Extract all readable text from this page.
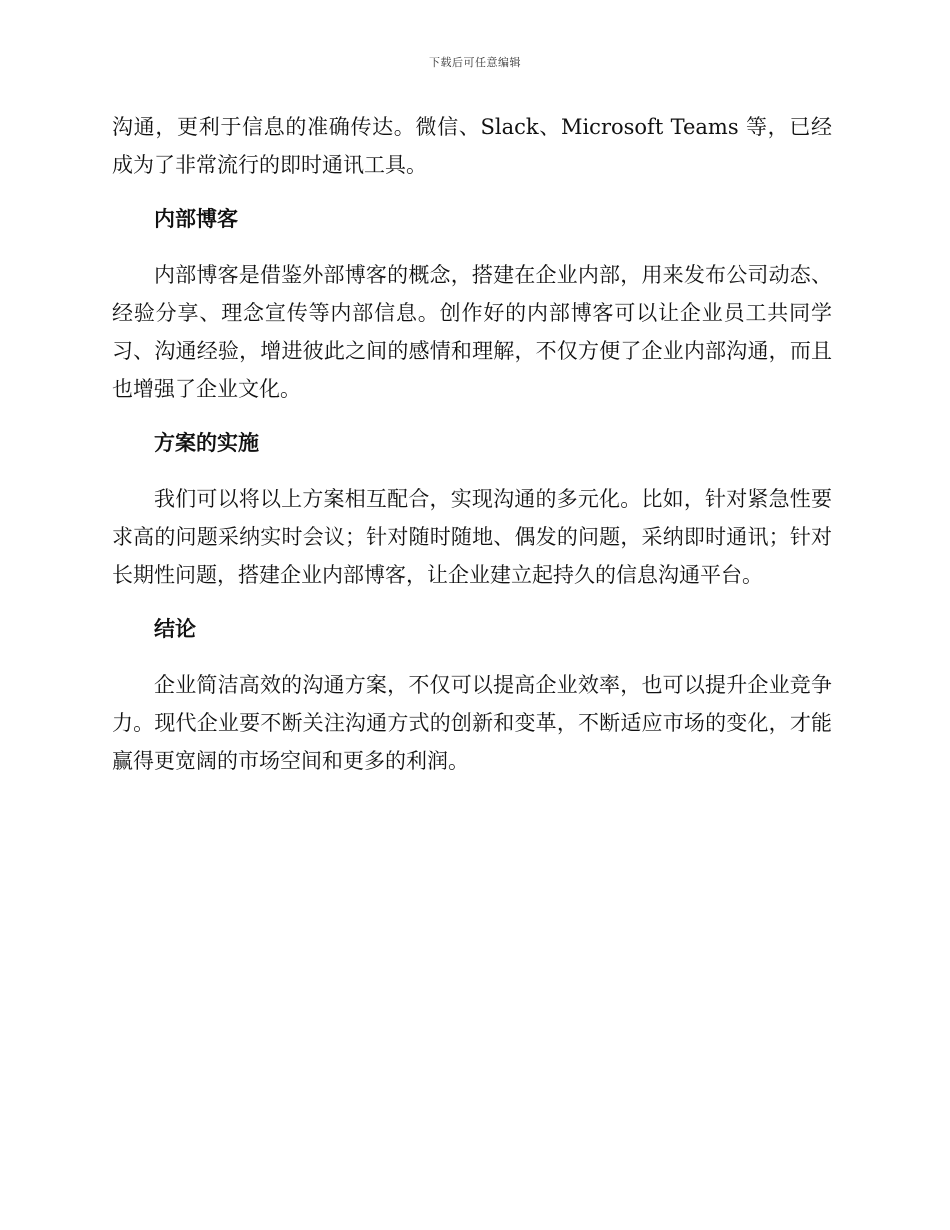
下载后可任意编辑

沟通，更利于信息的准确传达。微信、Slack、Microsoft Teams 等，已经成为了非常流行的即时通讯工具。

内部博客

内部博客是借鉴外部博客的概念，搭建在企业内部，用来发布公司动态、经验分享、理念宣传等内部信息。创作好的内部博客可以让企业员工共同学习、沟通经验，增进彼此之间的感情和理解，不仅方便了企业内部沟通，而且也增强了企业文化。

方案的实施

我们可以将以上方案相互配合，实现沟通的多元化。比如，针对紧急性要求高的问题采纳实时会议；针对随时随地、偶发的问题，采纳即时通讯；针对长期性问题，搭建企业内部博客，让企业建立起持久的信息沟通平台。

结论

企业简洁高效的沟通方案，不仅可以提高企业效率，也可以提升企业竞争力。现代企业要不断关注沟通方式的创新和变革，不断适应市场的变化，才能赢得更宽阔的市场空间和更多的利润。
